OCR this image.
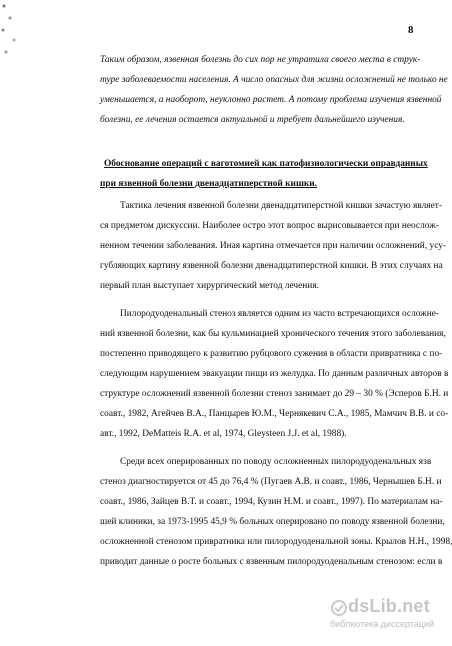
8
Таким образом, язвенная болезнь до сих пор не утратила своего места в струк-
туре заболеваемости населения. А число опасных для жизни осложнений не только не
уменьшается, а наоборот, неуклонно растет. А потому проблема изучения язвенной
болезни, ее лечения остается актуальной и требует дальнейшего изучения.
Обоснование операций с ваготомией как патофизиологически оправданных
при язвенной болезни двенадцатиперстной кишки.
Тактика лечения язвенной болезни двенадцатиперстной кишки зачастую являет-
ся предметом дискуссии. Наиболее остро этот вопрос вырисовывается при неослож-
ненном течении заболевания. Иная картина отмечается при наличии осложнений, усу-
губляющих картину язвенной болезни двенадцатиперстной кишки. В этих случаях на
первый план выступает хирургический метод лечения.
Пилородуоденальный стеноз является одним из часто встречающихся осложне-
ний язвенной болезни, как бы кульминацией хронического течения этого заболевания,
постепенно приводящего к развитию рубцового сужения в области привратника с по-
следующим нарушением эвакуации пищи из желудка. По данным различных авторов в
структуре осложнений язвенной болезни стеноз занимает до 29 – 30 % (Эсперов Б.Н. и
соавт., 1982, Агейчев В.А., Панцырев Ю.М., Чернякевич С.А., 1985, Мамчич В.В. и со-
авт., 1992, DeMatteis R.A. et al, 1974, Gleysteen J.J. et al, 1988).
Среди всех оперированных по поводу осложненных пилородуоденальных язв
стеноз диагностируется от 45 до 76,4 % (Пугаев А.В. и соавт., 1986, Чернышев Б.Н. и
соавт., 1986, Зайцев В.Т. и соавт., 1994, Кузин Н.М. и соавт., 1997). По материалам на-
шей клиники, за 1973-1995 45,9 % больных оперировано по поводу язвенной болезни,
осложненной стенозом привратника или пилородуоденальной зоны. Крылов Н.Н., 1998,
приводит данные о росте больных с язвенным пилородуоденальным стенозом: если в
dsLib.net
библиотека диссертаций
